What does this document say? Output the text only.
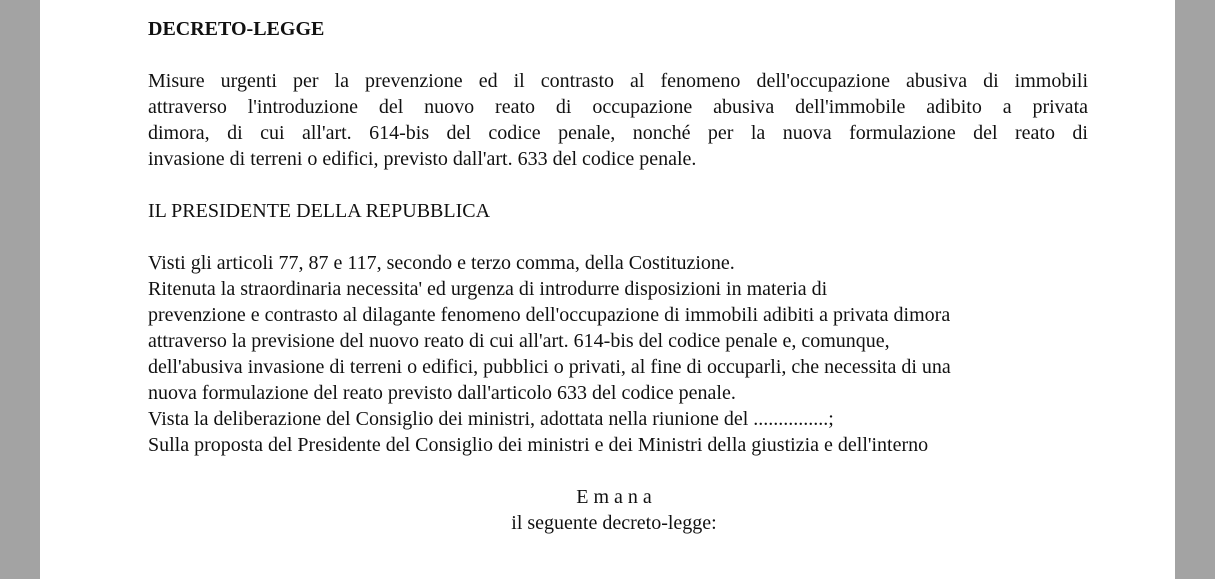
DECRETO-LEGGE
Misure urgenti per la prevenzione ed il contrasto al fenomeno dell'occupazione abusiva di immobili
attraverso l'introduzione del nuovo reato di occupazione abusiva dell'immobile adibito a privata
dimora, di cui all'art. 614-bis del codice penale, nonché per la nuova formulazione del reato di
invasione di terreni o edifici, previsto dall'art. 633 del codice penale.
IL PRESIDENTE DELLA REPUBBLICA
Visti gli articoli 77, 87 e 117, secondo e terzo comma, della Costituzione.
Ritenuta la straordinaria necessita' ed urgenza di introdurre disposizioni in materia di
prevenzione e contrasto al dilagante fenomeno dell'occupazione di immobili adibiti a privata dimora
attraverso la previsione del nuovo reato di cui all'art. 614-bis del codice penale e, comunque,
dell'abusiva invasione di terreni o edifici, pubblici o privati, al fine di occuparli, che necessita di una
nuova formulazione del reato previsto dall'articolo 633 del codice penale.
Vista la deliberazione del Consiglio dei ministri, adottata nella riunione del ...............;
Sulla proposta del Presidente del Consiglio dei ministri e dei Ministri della giustizia e dell'interno
E m a n a
il seguente decreto-legge:
